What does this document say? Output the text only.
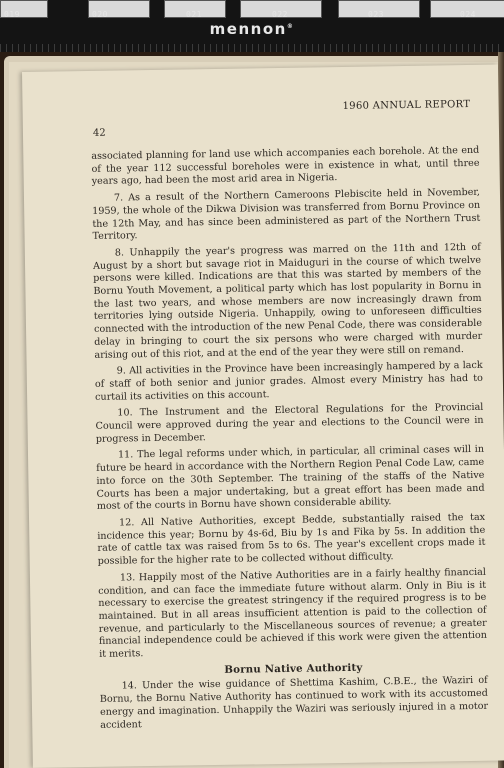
019	020	021	022	023	024
mennon®
1960 ANNUAL REPORT
42

associated planning for land use which accompanies each borehole. At the end of the year 112 successful boreholes were in existence in what, until three years ago, had been the most arid area in Nigeria.

7. As a result of the Northern Cameroons Plebiscite held in November, 1959, the whole of the Dikwa Division was transferred from Bornu Province on the 12th May, and has since been administered as part of the Northern Trust Territory.

8. Unhappily the year's progress was marred on the 11th and 12th of August by a short but savage riot in Maiduguri in the course of which twelve persons were killed. Indications are that this was started by members of the Bornu Youth Movement, a political party which has lost popularity in Bornu in the last two years, and whose members are now increasingly drawn from territories lying outside Nigeria. Unhappily, owing to unforeseen difficulties connected with the introduction of the new Penal Code, there was considerable delay in bringing to court the six persons who were charged with murder arising out of this riot, and at the end of the year they were still on remand.

9. All activities in the Province have been increasingly hampered by a lack of staff of both senior and junior grades. Almost every Ministry has had to curtail its activities on this account.

10. The Instrument and the Electoral Regulations for the Provincial Council were approved during the year and elections to the Council were in progress in December.

11. The legal reforms under which, in particular, all criminal cases will in future be heard in accordance with the Northern Region Penal Code Law, came into force on the 30th September. The training of the staffs of the Native Courts has been a major undertaking, but a great effort has been made and most of the courts in Bornu have shown considerable ability.

12. All Native Authorities, except Bedde, substantially raised the tax incidence this year; Bornu by 4s-6d, Biu by 1s and Fika by 5s. In addition the rate of cattle tax was raised from 5s to 6s. The year's excellent crops made it possible for the higher rate to be collected without difficulty.

13. Happily most of the Native Authorities are in a fairly healthy financial condition, and can face the immediate future without alarm. Only in Biu is it necessary to exercise the greatest stringency if the required progress is to be maintained. But in all areas insufficient attention is paid to the collection of revenue, and particularly to the Miscellaneous sources of revenue; a greater financial independence could be achieved if this work were given the attention it merits.

Bornu Native Authority

14. Under the wise guidance of Shettima Kashim, C.B.E., the Waziri of Bornu, the Bornu Native Authority has continued to work with its accustomed energy and imagination. Unhappily the Waziri was seriously injured in a motor accident
